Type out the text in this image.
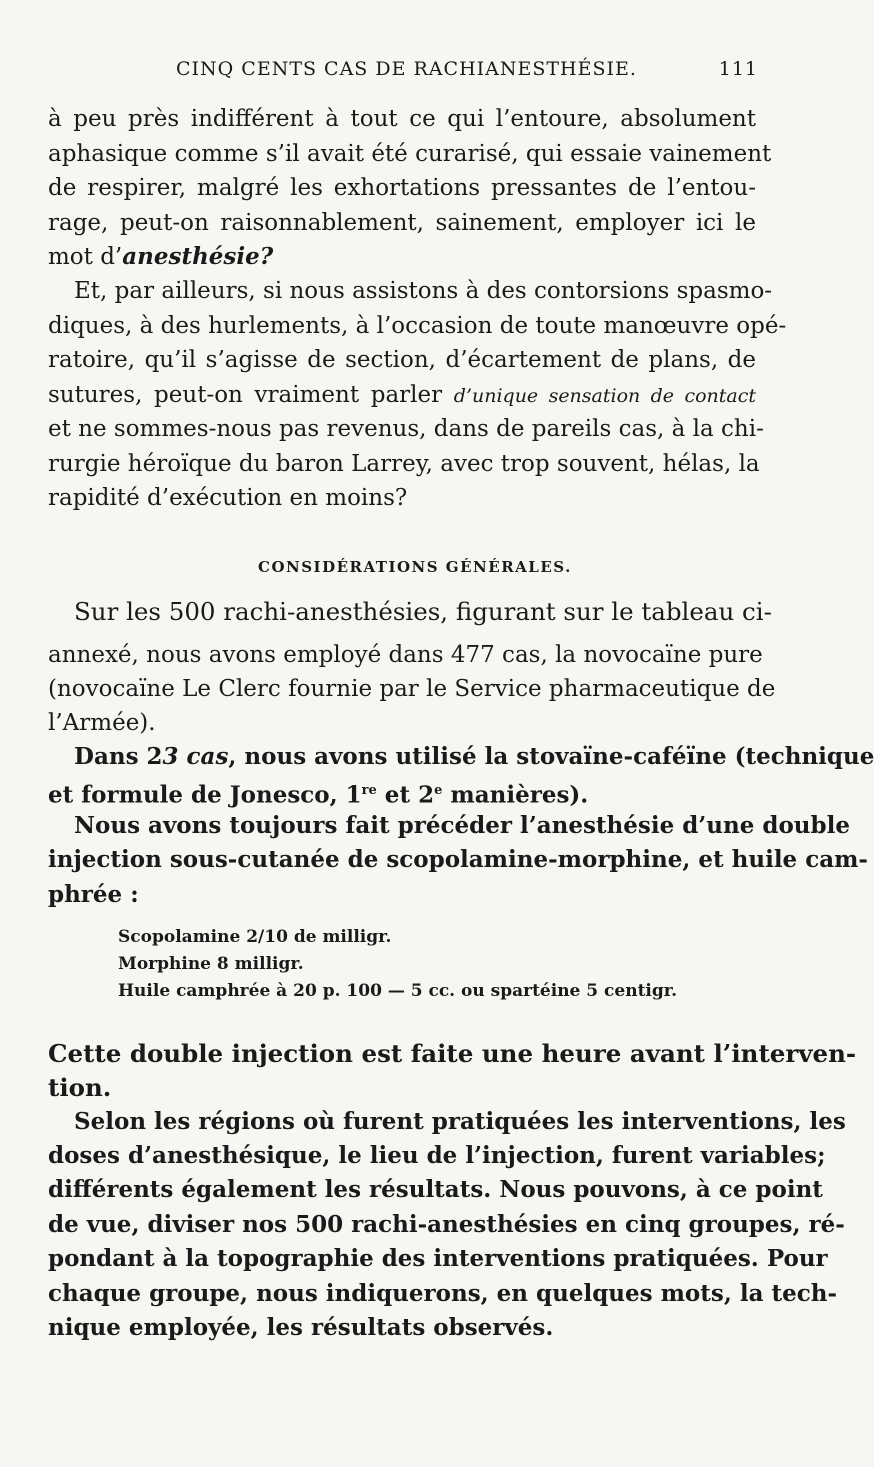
CINQ CENTS CAS DE RACHIANESTHÉSIE.	111
à peu près indifférent à tout ce qui l’entoure, absolument
aphasique comme s’il avait été curarisé, qui essaie vainement
de respirer, malgré les exhortations pressantes de l’entou-
rage, peut-on raisonnablement, sainement, employer ici le
mot d’anesthésie?
Et, par ailleurs, si nous assistons à des contorsions spasmo-
diques, à des hurlements, à l’occasion de toute manœuvre opé-
ratoire, qu’il s’agisse de section, d’écartement de plans, de
sutures, peut-on vraiment parler d’unique sensation de contact
et ne sommes-nous pas revenus, dans de pareils cas, à la chi-
rurgie héroïque du baron Larrey, avec trop souvent, hélas, la
rapidité d’exécution en moins?
CONSIDÉRATIONS GÉNÉRALES.
Sur les 500 rachi-anesthésies, figurant sur le tableau ci-
annexé, nous avons employé dans 477 cas, la novocaïne pure
(novocaïne Le Clerc fournie par le Service pharmaceutique de
l’Armée).
Dans 23 cas, nous avons utilisé la stovaïne-caféïne (technique
et formule de Jonesco, 1re et 2e manières).
Nous avons toujours fait précéder l’anesthésie d’une double
injection sous-cutanée de scopolamine-morphine, et huile cam-
phrée :
Scopolamine 2/10 de milligr.
Morphine 8 milligr.
Huile camphrée à 20 p. 100 — 5 cc. ou spartéine 5 centigr.
Cette double injection est faite une heure avant l’interven-
tion.
Selon les régions où furent pratiquées les interventions, les
doses d’anesthésique, le lieu de l’injection, furent variables;
différents également les résultats. Nous pouvons, à ce point
de vue, diviser nos 500 rachi-anesthésies en cinq groupes, ré-
pondant à la topographie des interventions pratiquées. Pour
chaque groupe, nous indiquerons, en quelques mots, la tech-
nique employée, les résultats observés.
